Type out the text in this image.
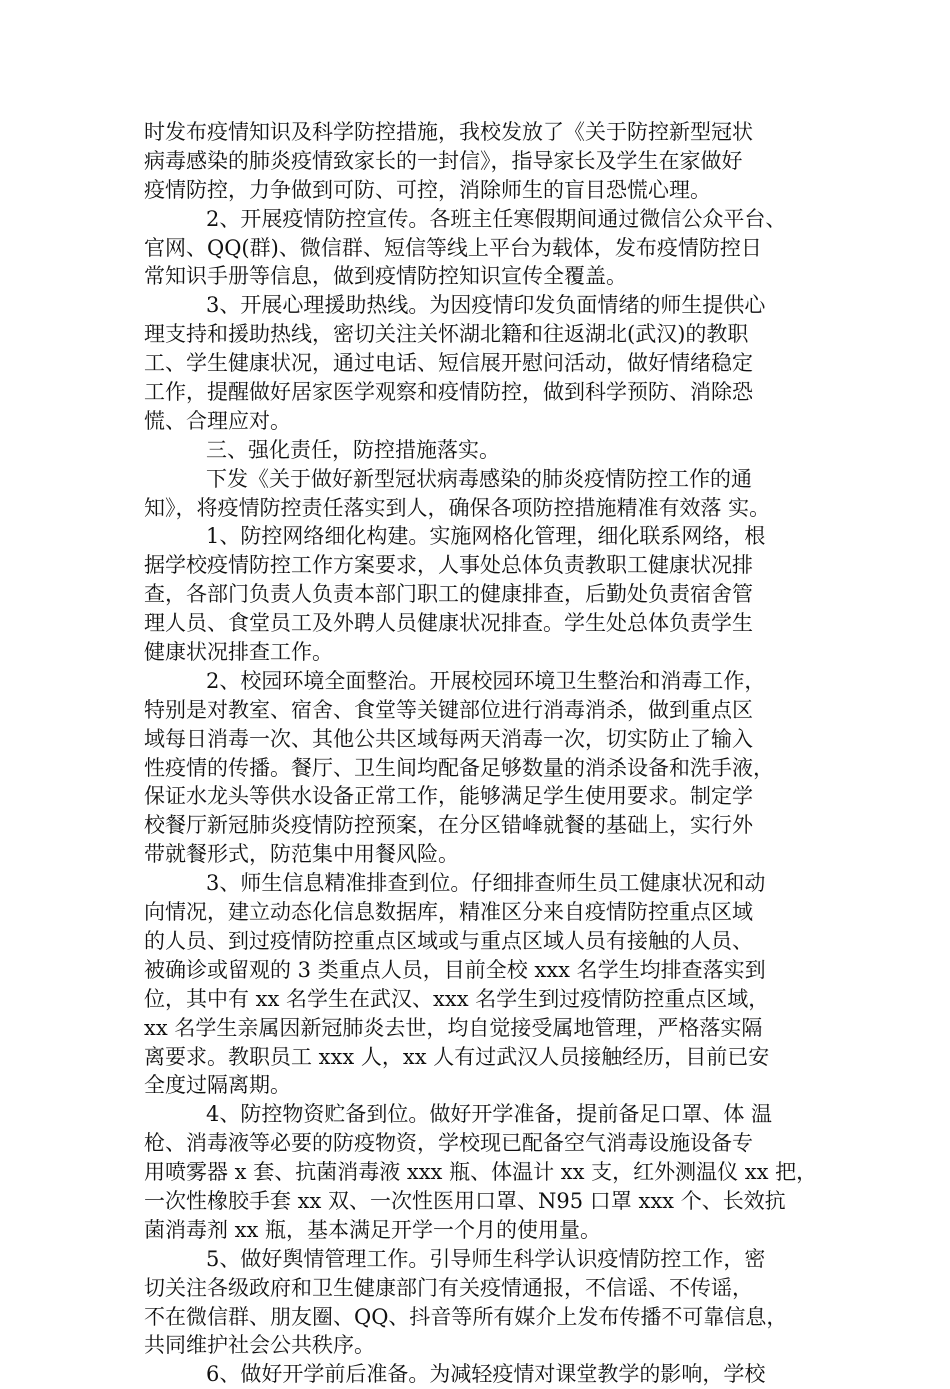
时发布疫情知识及科学防控措施，我校发放了《关于防控新型冠状
病毒感染的肺炎疫情致家长的一封信》，指导家长及学生在家做好
疫情防控，力争做到可防、可控，消除师生的盲目恐慌心理。
2、开展疫情防控宣传。各班主任寒假期间通过微信公众平台、
官网、QQ(群)、微信群、短信等线上平台为载体，发布疫情防控日
常知识手册等信息，做到疫情防控知识宣传全覆盖。
3、开展心理援助热线。为因疫情印发负面情绪的师生提供心
理支持和援助热线，密切关注关怀湖北籍和往返湖北(武汉)的教职
工、学生健康状况，通过电话、短信展开慰问活动，做好情绪稳定
工作，提醒做好居家医学观察和疫情防控，做到科学预防、消除恐
慌、合理应对。
三、强化责任，防控措施落实。
下发《关于做好新型冠状病毒感染的肺炎疫情防控工作的通
知》，将疫情防控责任落实到人，确保各项防控措施精准有效落 实。
1、防控网络细化构建。实施网格化管理，细化联系网络，根
据学校疫情防控工作方案要求，人事处总体负责教职工健康状况排
查，各部门负责人负责本部门职工的健康排查，后勤处负责宿舍管
理人员、食堂员工及外聘人员健康状况排查。学生处总体负责学生
健康状况排查工作。
2、校园环境全面整治。开展校园环境卫生整治和消毒工作，
特别是对教室、宿舍、食堂等关键部位进行消毒消杀，做到重点区
域每日消毒一次、其他公共区域每两天消毒一次，切实防止了输入
性疫情的传播。餐厅、卫生间均配备足够数量的消杀设备和洗手液，
保证水龙头等供水设备正常工作，能够满足学生使用要求。制定学
校餐厅新冠肺炎疫情防控预案，在分区错峰就餐的基础上，实行外
带就餐形式，防范集中用餐风险。
3、师生信息精准排查到位。仔细排查师生员工健康状况和动
向情况，建立动态化信息数据库，精准区分来自疫情防控重点区域
的人员、到过疫情防控重点区域或与重点区域人员有接触的人员、
被确诊或留观的 3 类重点人员，目前全校 xxx 名学生均排查落实到
位，其中有 xx 名学生在武汉、xxx 名学生到过疫情防控重点区域，
xx 名学生亲属因新冠肺炎去世，均自觉接受属地管理，严格落实隔
离要求。教职员工 xxx 人，xx 人有过武汉人员接触经历，目前已安
全度过隔离期。
4、防控物资贮备到位。做好开学准备，提前备足口罩、体 温
枪、消毒液等必要的防疫物资，学校现已配备空气消毒设施设备专
用喷雾器 x 套、抗菌消毒液 xxx 瓶、体温计 xx 支，红外测温仪 xx 把，
一次性橡胶手套 xx 双、一次性医用口罩、N95 口罩 xxx 个、长效抗
菌消毒剂 xx 瓶，基本满足开学一个月的使用量。
5、做好舆情管理工作。引导师生科学认识疫情防控工作，密
切关注各级政府和卫生健康部门有关疫情通报，不信谣、不传谣，
不在微信群、朋友圈、QQ、抖音等所有媒介上发布传播不可靠信息，
共同维护社会公共秩序。
6、做好开学前后准备。为减轻疫情对课堂教学的影响，学校
